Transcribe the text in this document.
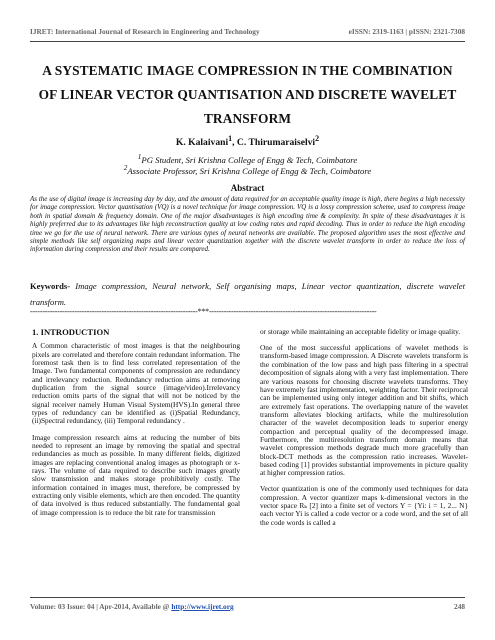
IJRET: International Journal of Research in Engineering and Technology	eISSN: 2319-1163 | pISSN: 2321-7308
A SYSTEMATIC IMAGE COMPRESSION IN THE COMBINATION OF LINEAR VECTOR QUANTISATION AND DISCRETE WAVELET TRANSFORM
K. Kalaivani$^1$, C. Thirumaraiselvi$^2$
$^1$PG Student, Sri Krishna College of Engg & Tech, Coimbatore
$^2$Associate Professor, Sri Krishna College of Engg & Tech, Coimbatore
Abstract
As the use of digital image is increasing day by day, and the amount of data required for an acceptable quality image is high, there begins a high necessity for image compression. Vector quantisation (VQ) is a novel technique for image compression. VQ is a lossy compression scheme, used to compress image both in spatial domain & frequency domain. One of the major disadvantages is high encoding time & complexity. In spite of these disadvantages it is highly preferred due to its advantages like high reconstruction quality at low coding rates and rapid decoding. Thus in order to reduce the high encoding time we go for the use of neural network. There are various types of neural networks are available. The proposed algorithm uses the most effective and simple methods like self organizing maps and linear vector quantization together with the discrete wavelet transform in order to reduce the loss of information during compression and their results are compared.
Keywords- Image compression, Neural network, Self organising maps, Linear vector quantization, discrete wavelet transform.
--------------------------------------------------------------------***--------------------------------------------------------------------
1. INTRODUCTION

A Common characteristic of most images is that the neighbouring pixels are correlated and therefore contain redundant information. The foremost task then is to find less correlated representation of the Image. Two fundamental components of compression are redundancy and irrelevancy reduction. Redundancy reduction aims at removing duplication from the signal source (image/video).Irrelevancy reduction omits parts of the signal that will not be noticed by the signal receiver namely Human Visual System(HVS).In general three types of redundancy can be identified as (i)Spatial Redundancy, (ii)Spectral redundancy, (iii) Temporal redundancy .

Image compression research aims at reducing the number of bits needed to represent an image by removing the spatial and spectral redundancies as much as possible. In many different fields, digitized images are replacing conventional analog images as photograph or x-rays. The volume of data required to describe such images greatly slow transmission and makes storage prohibitively costly. The information contained in images must, therefore, be compressed by extracting only visible elements, which are then encoded. The quantity of data involved is thus reduced substantially. The fundamental goal of image compression is to reduce the bit rate for transmission

or storage while maintaining an acceptable fidelity or image quality.

One of the most successful applications of wavelet methods is transform-based image compression. A Discrete wavelets transform is the combination of the low pass and high pass filtering in a spectral decomposition of signals along with a very fast implementation. There are various reasons for choosing discrete wavelets transforms. They have extremely fast implementation, weighting factor. Their reciprocal can be implemented using only integer addition and bit shifts, which are extremely fast operations. The overlapping nature of the wavelet transform alleviates blocking artifacts, while the multiresolution character of the wavelet decomposition leads to superior energy compaction and perceptual quality of the decompressed image. Furthermore, the multiresolution transform domain means that wavelet compression methods degrade much more gracefully than block-DCT methods as the compression ratio increases. Wavelet-based coding [1] provides substantial improvements in picture quality at higher compression ratios.

Vector quantization is one of the commonly used techniques for data compression. A vector quantizer maps k-dimensional vectors in the vector space Rₖ [2] into a finite set of vectors Y = {Yi: i = 1, 2... N} each vector Yi is called a code vector or a code word, and the set of all the code words is called a

Volume: 03 Issue: 04 | Apr-2014, Available @ http://www.ijret.org	248
